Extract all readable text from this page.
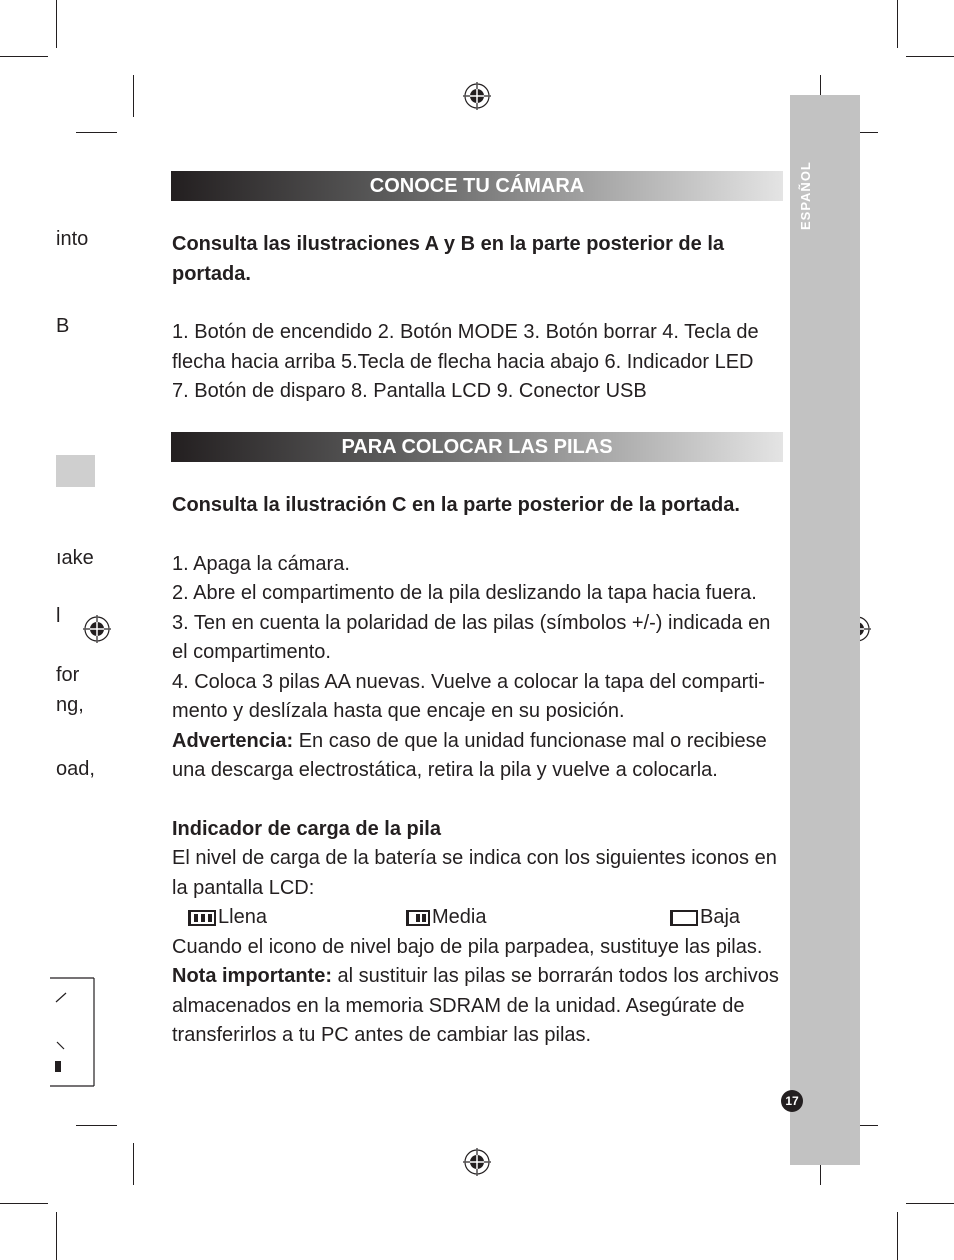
into
B
ıake
l
for
ng,
oad,
ESPAÑOL
17
CONOCE TU CÁMARA

Consulta las ilustraciones A y B en la parte posterior de la portada.

1. Botón de encendido 2. Botón MODE 3. Botón borrar 4. Tecla de

flecha hacia arriba 5.Tecla de flecha hacia abajo 6. Indicador LED

7. Botón de disparo 8. Pantalla LCD 9. Conector USB

PARA COLOCAR LAS PILAS

Consulta la ilustración C en la parte posterior de la portada.

1. Apaga la cámara.

2. Abre el compartimento de la pila deslizando la tapa hacia fuera.

3. Ten en cuenta la polaridad de las pilas (símbolos +/-) indicada en el compartimento.

4. Coloca 3 pilas AA nuevas. Vuelve a colocar la tapa del comparti-mento y deslízala hasta que encaje en su posición.

Advertencia: En caso de que la unidad funcionase mal o recibiese una descarga electrostática, retira la pila y vuelve a colocarla.

Indicador de carga de la pila

El nivel de carga de la batería se indica con los siguientes iconos en la pantalla LCD:

Llena	Media	Baja

Cuando el icono de nivel bajo de pila parpadea, sustituye las pilas.

Nota importante: al sustituir las pilas se borrarán todos los archivos almacenados en la memoria SDRAM de la unidad. Asegúrate de transferirlos a tu PC antes de cambiar las pilas.
